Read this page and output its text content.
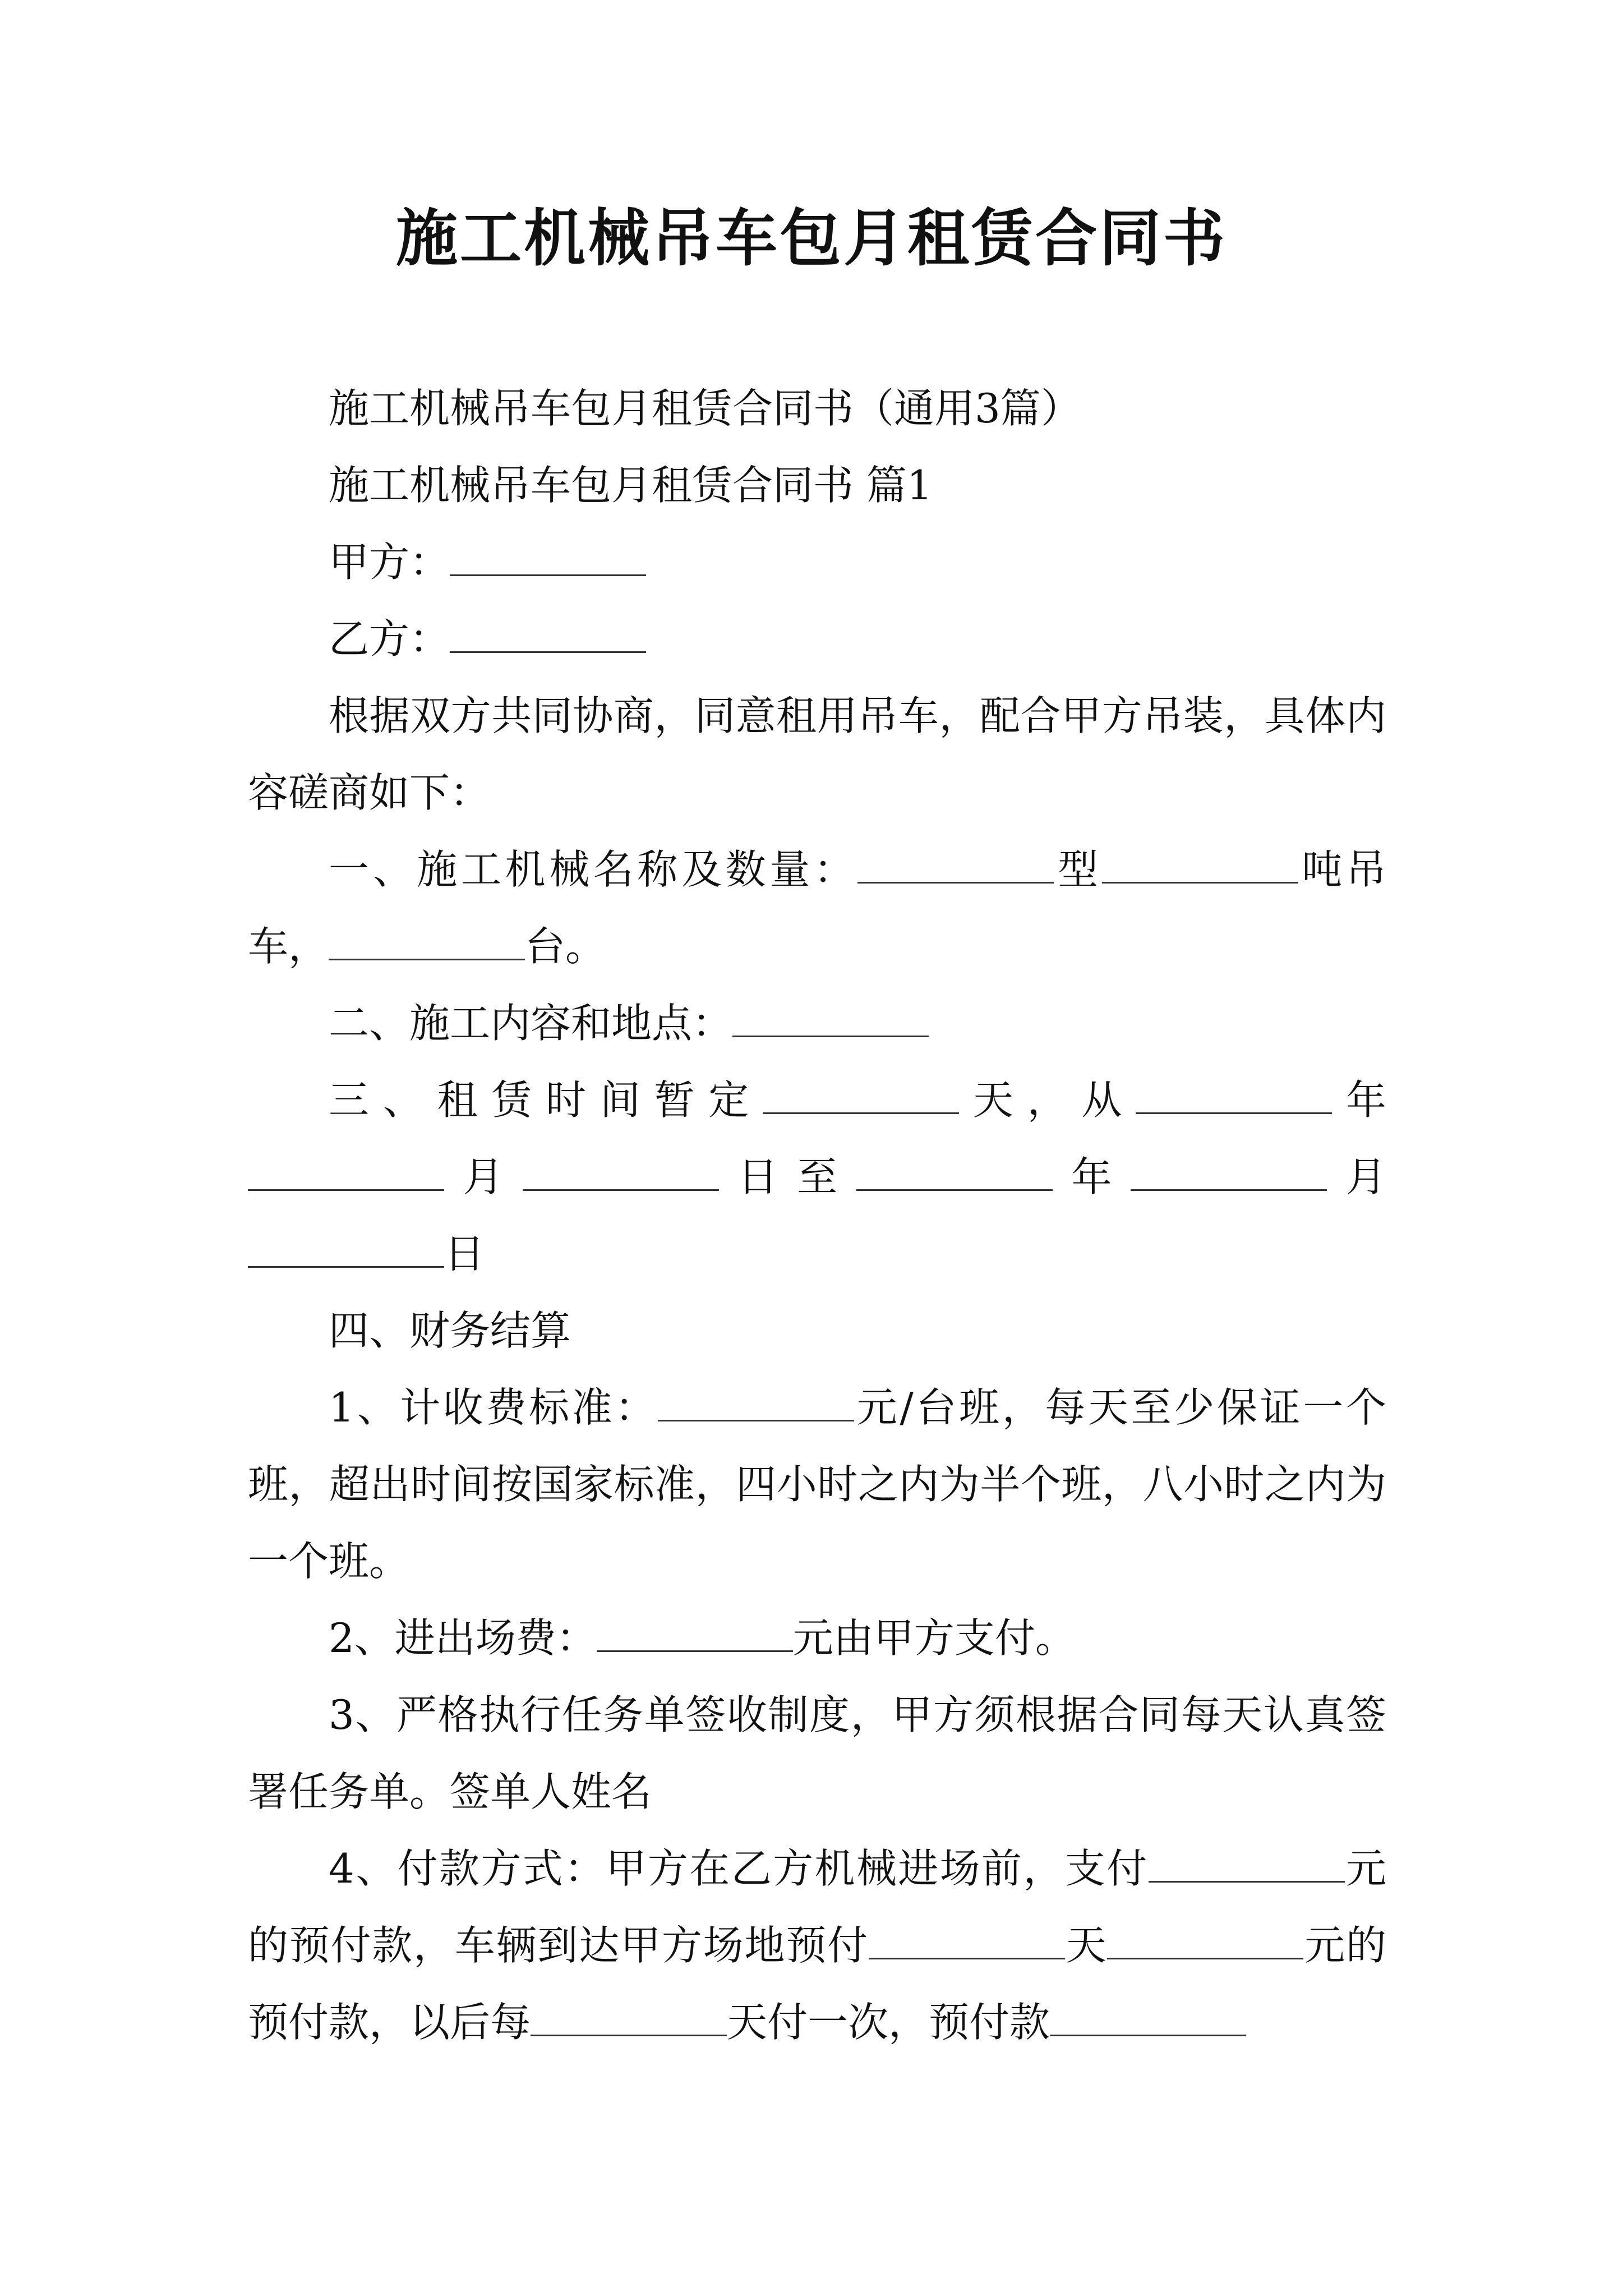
施工机械吊车包月租赁合同书

施工机械吊车包月租赁合同书（通用3篇）

施工机械吊车包月租赁合同书 篇1

甲方：

乙方：

根据双方共同协商，同意租用吊车，配合甲方吊装，具体内容磋商如下：

一、施工机械名称及数量：	型	吨吊车，	台。

二、施工内容和地点：

三、租赁时间暂定	天，从	年月	日至	年	月日

四、财务结算

1、计收费标准：	元/台班，每天至少保证一个班，超出时间按国家标准，四小时之内为半个班，八小时之内为一个班。

2、进出场费：	元由甲方支付。

3、严格执行任务单签收制度，甲方须根据合同每天认真签署任务单。签单人姓名

4、付款方式：甲方在乙方机械进场前，支付	元的预付款，车辆到达甲方场地预付	天	元的预付款，以后每	天付一次，预付款
